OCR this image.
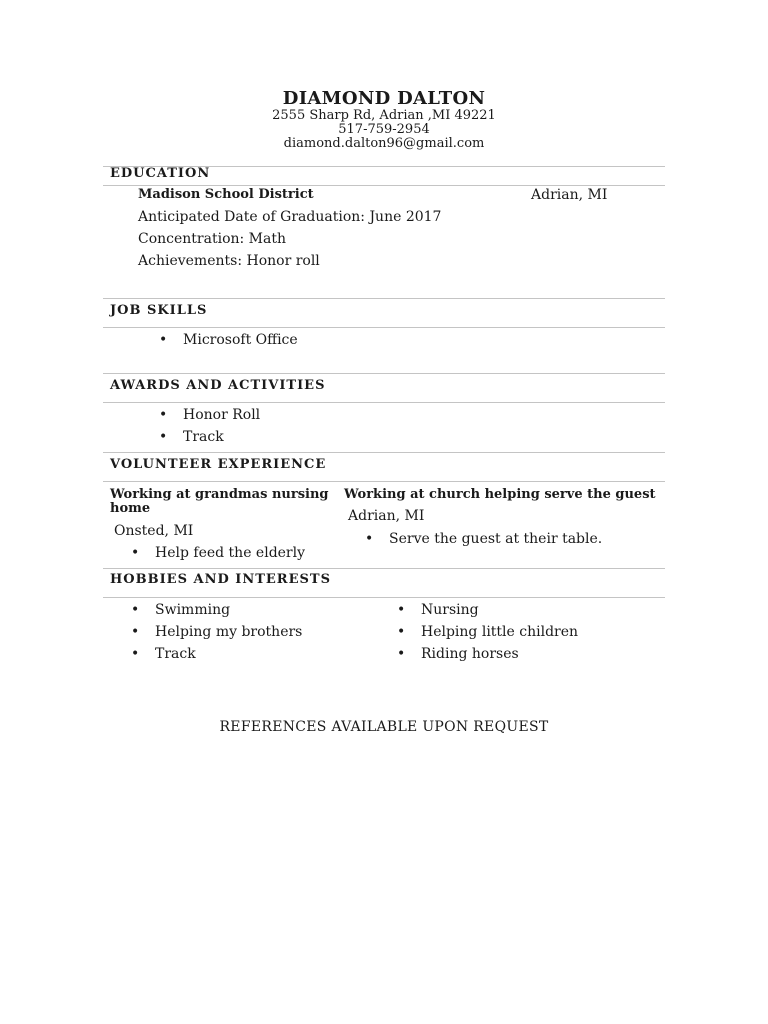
DIAMOND DALTON
2555 Sharp Rd, Adrian ,MI 49221
517-759-2954
diamond.dalton96@gmail.com
EDUCATION
Madison School District	Adrian, MI
Anticipated Date of Graduation: June 2017
Concentration: Math
Achievements: Honor roll
JOB SKILLS
• Microsoft Office
AWARDS AND ACTIVITIES
• Honor Roll
• Track
VOLUNTEER EXPERIENCE
Working at grandmas nursing
home
Onsted, MI
• Help feed the elderly
Working at church helping serve the guest
Adrian, MI
• Serve the guest at their table.
HOBBIES AND INTERESTS
• Swimming
• Helping my brothers
• Track
• Nursing
• Helping little children
• Riding horses
REFERENCES AVAILABLE UPON REQUEST
